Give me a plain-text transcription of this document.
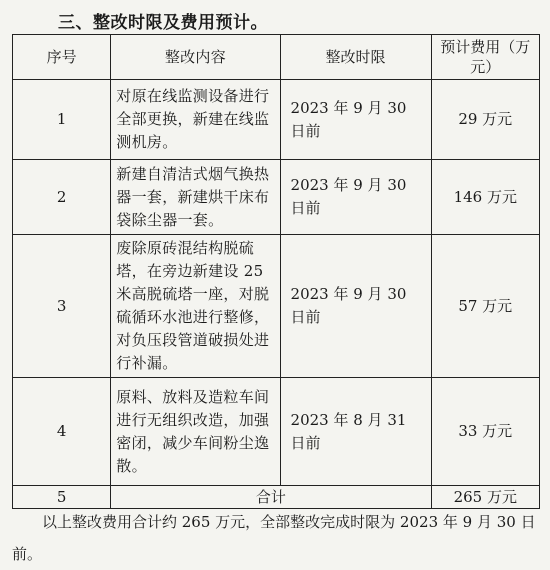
三、整改时限及费用预计。
序号	整改内容	整改时限	预计费用（万元）
1	对原在线监测设备进行全部更换，新建在线监测机房。	2023 年 9 月 30 日前	29 万元
2	新建自清洁式烟气换热器一套，新建烘干床布袋除尘器一套。	2023 年 9 月 30 日前	146 万元
3	废除原砖混结构脱硫塔，在旁边新建设 25 米高脱硫塔一座，对脱硫循环水池进行整修，对负压段管道破损处进行补漏。	2023 年 9 月 30 日前	57 万元
4	原料、放料及造粒车间进行无组织改造，加强密闭，减少车间粉尘逸散。	2023 年 8 月 31 日前	33 万元
5	合计		265 万元
以上整改费用合计约 265 万元，全部整改完成时限为 2023 年 9 月 30 日前。
